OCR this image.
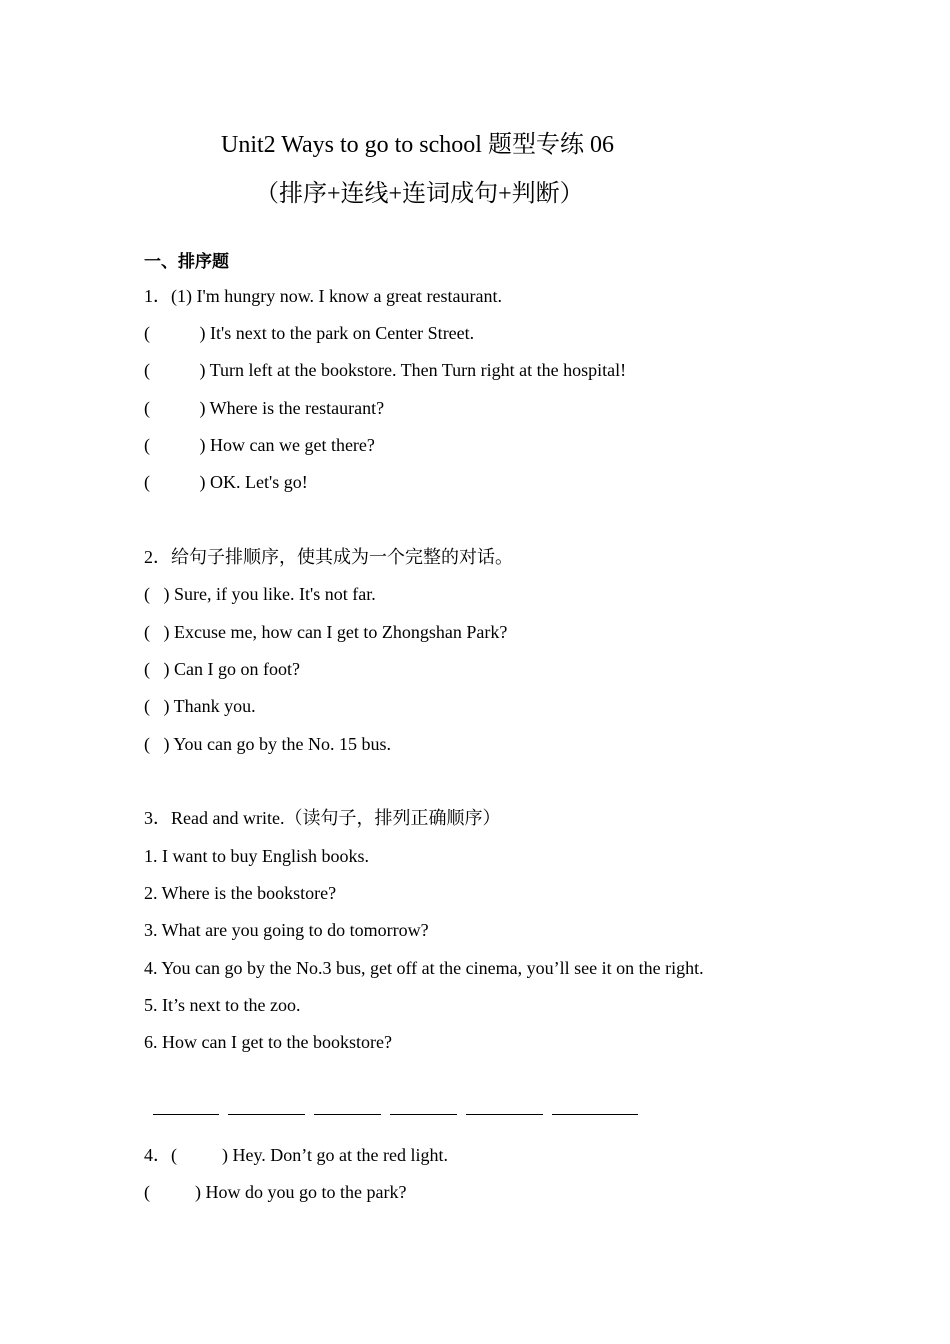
Unit2 Ways to go to school 题型专练 06
（排序+连线+连词成句+判断）
一、排序题
1．(1) I'm hungry now. I know a great restaurant.
(           ) It's next to the park on Center Street.
(           ) Turn left at the bookstore. Then Turn right at the hospital!
(           ) Where is the restaurant?
(           ) How can we get there?
(           ) OK. Let's go!
2．给句子排顺序，使其成为一个完整的对话。
(   ) Sure, if you like. It's not far.
(   ) Excuse me, how can I get to Zhongshan Park?
(   ) Can I go on foot?
(   ) Thank you.
(   ) You can go by the No. 15 bus.
3．Read and write.（读句子，排列正确顺序）
1. I want to buy English books.
2. Where is the bookstore?
3. What are you going to do tomorrow?
4. You can go by the No.3 bus, get off at the cinema, you’ll see it on the right.
5. It’s next to the zoo.
6. How can I get to the bookstore?

4．(          ) Hey. Don’t go at the red light.
(          ) How do you go to the park?
